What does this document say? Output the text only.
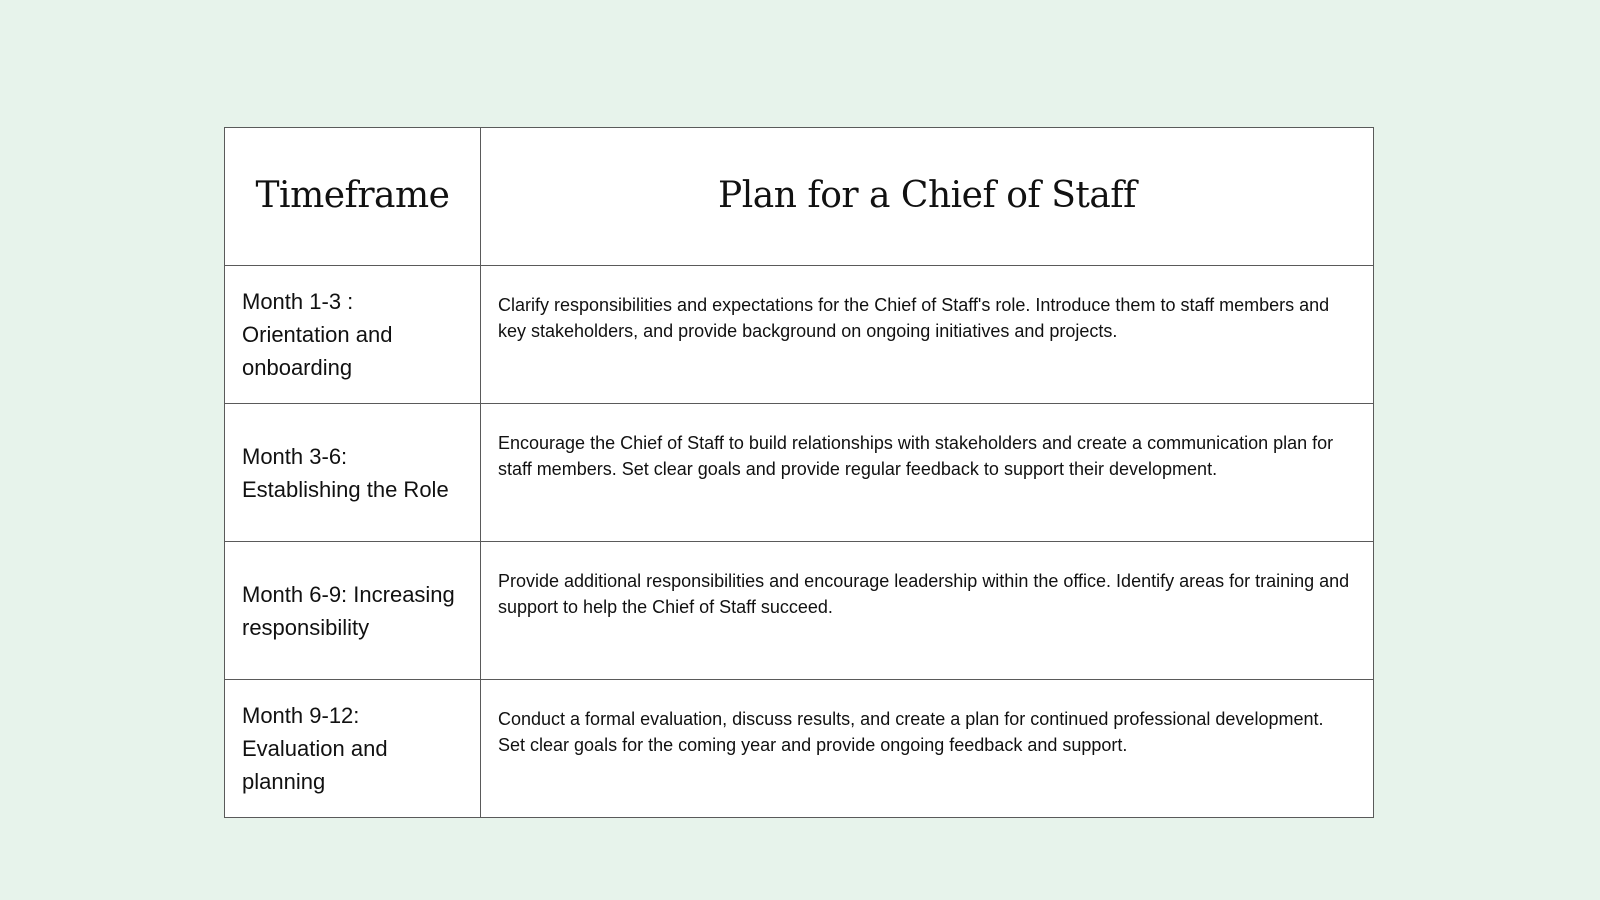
Timeframe	Plan for a Chief of Staff
Month 1-3 : Orientation and onboarding
Clarify responsibilities and expectations for the Chief of Staff's role. Introduce them to staff members and key stakeholders, and provide background on ongoing initiatives and projects.
Month 3-6: Establishing the Role
Encourage the Chief of Staff to build relationships with stakeholders and create a communication plan for staff members. Set clear goals and provide regular feedback to support their development.
Month 6-9: Increasing responsibility
Provide additional responsibilities and encourage leadership within the office. Identify areas for training and support to help the Chief of Staff succeed.
Month 9-12: Evaluation and planning
Conduct a formal evaluation, discuss results, and create a plan for continued professional development. Set clear goals for the coming year and provide ongoing feedback and support.
